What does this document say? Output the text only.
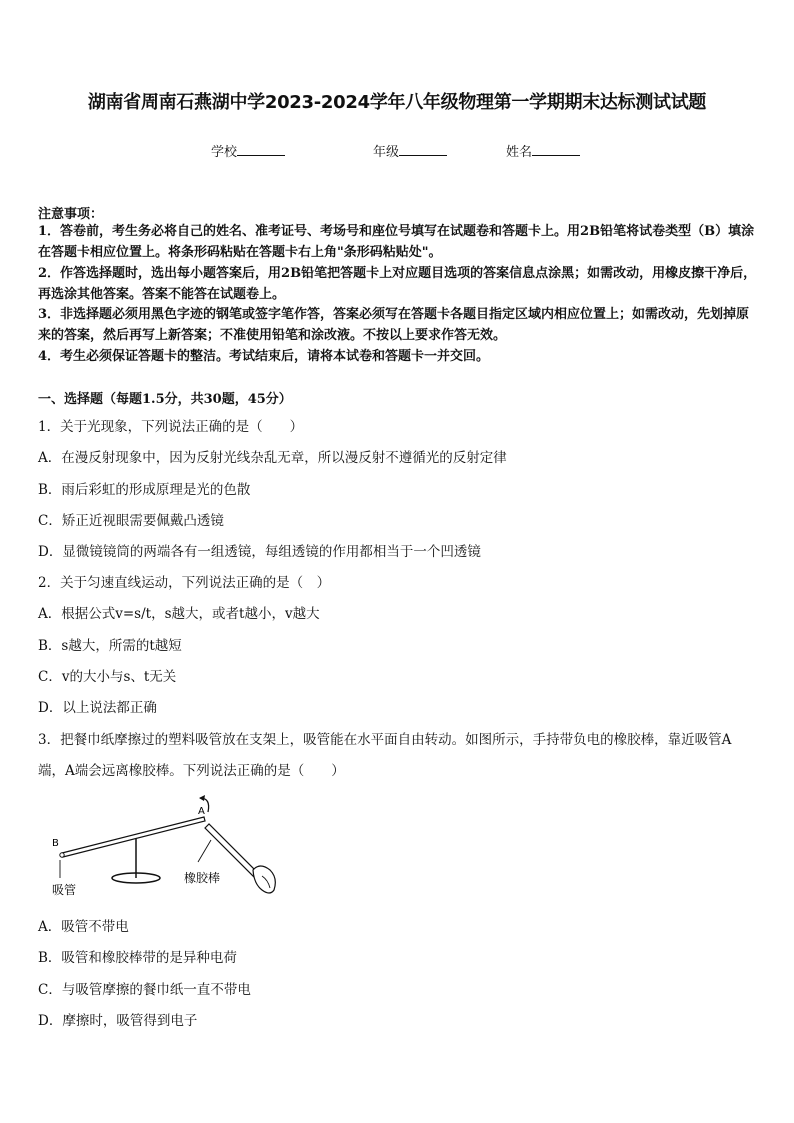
湖南省周南石燕湖中学2023-2024学年八年级物理第一学期期末达标测试试题
学校	年级	姓名
注意事项：
1．答卷前，考生务必将自己的姓名、准考证号、考场号和座位号填写在试题卷和答题卡上。用2B铅笔将试卷类型（B）填涂在答题卡相应位置上。将条形码粘贴在答题卡右上角"条形码粘贴处"。
2．作答选择题时，选出每小题答案后，用2B铅笔把答题卡上对应题目选项的答案信息点涂黑；如需改动，用橡皮擦干净后，再选涂其他答案。答案不能答在试题卷上。
3．非选择题必须用黑色字迹的钢笔或签字笔作答，答案必须写在答题卡各题目指定区域内相应位置上；如需改动，先划掉原来的答案，然后再写上新答案；不准使用铅笔和涂改液。不按以上要求作答无效。
4．考生必须保证答题卡的整洁。考试结束后，请将本试卷和答题卡一并交回。
一、选择题（每题1.5分，共30题，45分）
1．关于光现象，下列说法正确的是（　　）
A．在漫反射现象中，因为反射光线杂乱无章，所以漫反射不遵循光的反射定律
B．雨后彩虹的形成原理是光的色散
C．矫正近视眼需要佩戴凸透镜
D．显微镜镜筒的两端各有一组透镜，每组透镜的作用都相当于一个凹透镜
2．关于匀速直线运动，下列说法正确的是（　）
A．根据公式v=s/t，s越大，或者t越小，v越大
B．s越大，所需的t越短
C．v的大小与s、t无关
D．以上说法都正确
3．把餐巾纸摩擦过的塑料吸管放在支架上，吸管能在水平面自由转动。如图所示，手持带负电的橡胶棒，靠近吸管A
端，A端会远离橡胶棒。下列说法正确的是（　　）
A
B
吸管
橡胶棒
A．吸管不带电
B．吸管和橡胶棒带的是异种电荷
C．与吸管摩擦的餐巾纸一直不带电
D．摩擦时，吸管得到电子
